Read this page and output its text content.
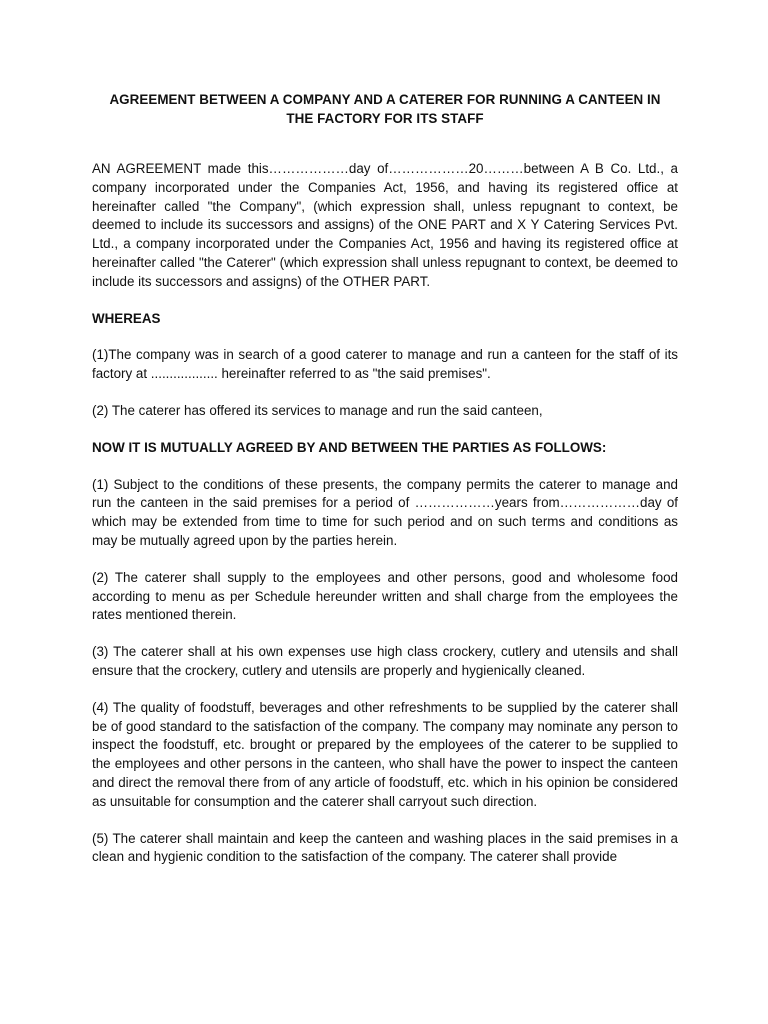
AGREEMENT BETWEEN A COMPANY AND A CATERER FOR RUNNING A CANTEEN IN
THE FACTORY FOR ITS STAFF

AN AGREEMENT made this………………day of………………20………between A B Co. Ltd., a company incorporated under the Companies Act, 1956, and having its registered office at hereinafter called "the Company", (which expression shall, unless repugnant to context, be deemed to include its successors and assigns) of the ONE PART and X Y Catering Services Pvt. Ltd., a company incorporated under the Companies Act, 1956 and having its registered office at hereinafter called "the Caterer" (which expression shall unless repugnant to context, be deemed to include its successors and assigns) of the OTHER PART.

WHEREAS

(1)The company was in search of a good caterer to manage and run a canteen for the staff of its factory at .................. hereinafter referred to as "the said premises".

(2) The caterer has offered its services to manage and run the said canteen,

NOW IT IS MUTUALLY AGREED BY AND BETWEEN THE PARTIES AS FOLLOWS:

(1) Subject to the conditions of these presents, the company permits the caterer to manage and run the canteen in the said premises for a period of ………………years from………………day of which may be extended from time to time for such period and on such terms and conditions as may be mutually agreed upon by the parties herein.

(2) The caterer shall supply to the employees and other persons, good and wholesome food according to menu as per Schedule hereunder written and shall charge from the employees the rates mentioned therein.

(3) The caterer shall at his own expenses use high class crockery, cutlery and utensils and shall ensure that the crockery, cutlery and utensils are properly and hygienically cleaned.

(4) The quality of foodstuff, beverages and other refreshments to be supplied by the caterer shall be of good standard to the satisfaction of the company. The company may nominate any person to inspect the foodstuff, etc. brought or prepared by the employees of the caterer to be supplied to the employees and other persons in the canteen, who shall have the power to inspect the canteen and direct the removal there from of any article of foodstuff, etc. which in his opinion be considered as unsuitable for consumption and the caterer shall carryout such direction.

(5) The caterer shall maintain and keep the canteen and washing places in the said premises in a clean and hygienic condition to the satisfaction of the company. The caterer shall provide
